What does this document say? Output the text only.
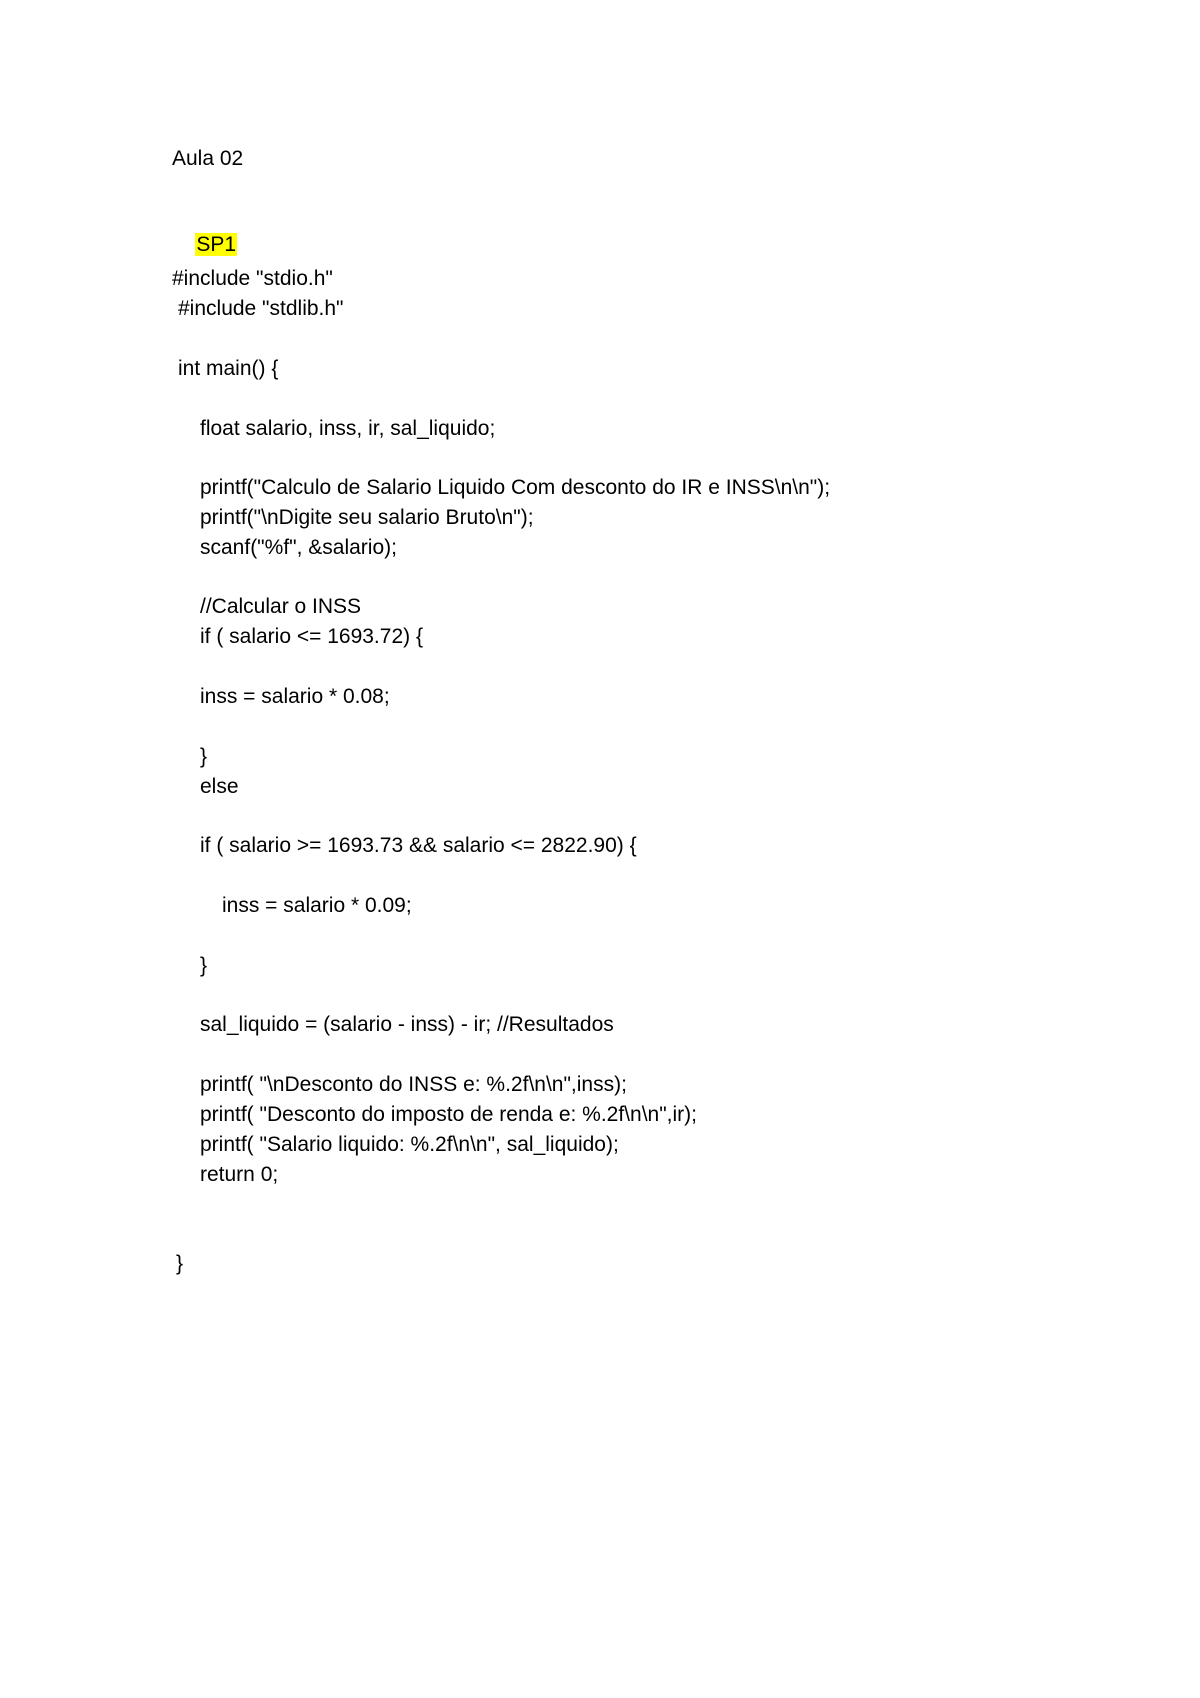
Aula 02

SP1

#include "stdio.h"
#include "stdlib.h"
int main() {
float salario, inss, ir, sal_liquido;
printf("Calculo de Salario Liquido Com desconto do IR e INSS\n\n");
printf("\nDigite seu salario Bruto\n");
scanf("%f", &salario);
//Calcular o INSS
if ( salario <= 1693.72) {
inss = salario * 0.08;
}
else
if ( salario >= 1693.73 && salario <= 2822.90) {
inss = salario * 0.09;
}
sal_liquido = (salario - inss) - ir; //Resultados
printf( "\nDesconto do INSS e: %.2f\n\n",inss);
printf( "Desconto do imposto de renda e: %.2f\n\n",ir);
printf( "Salario liquido: %.2f\n\n", sal_liquido);
return 0;
}
